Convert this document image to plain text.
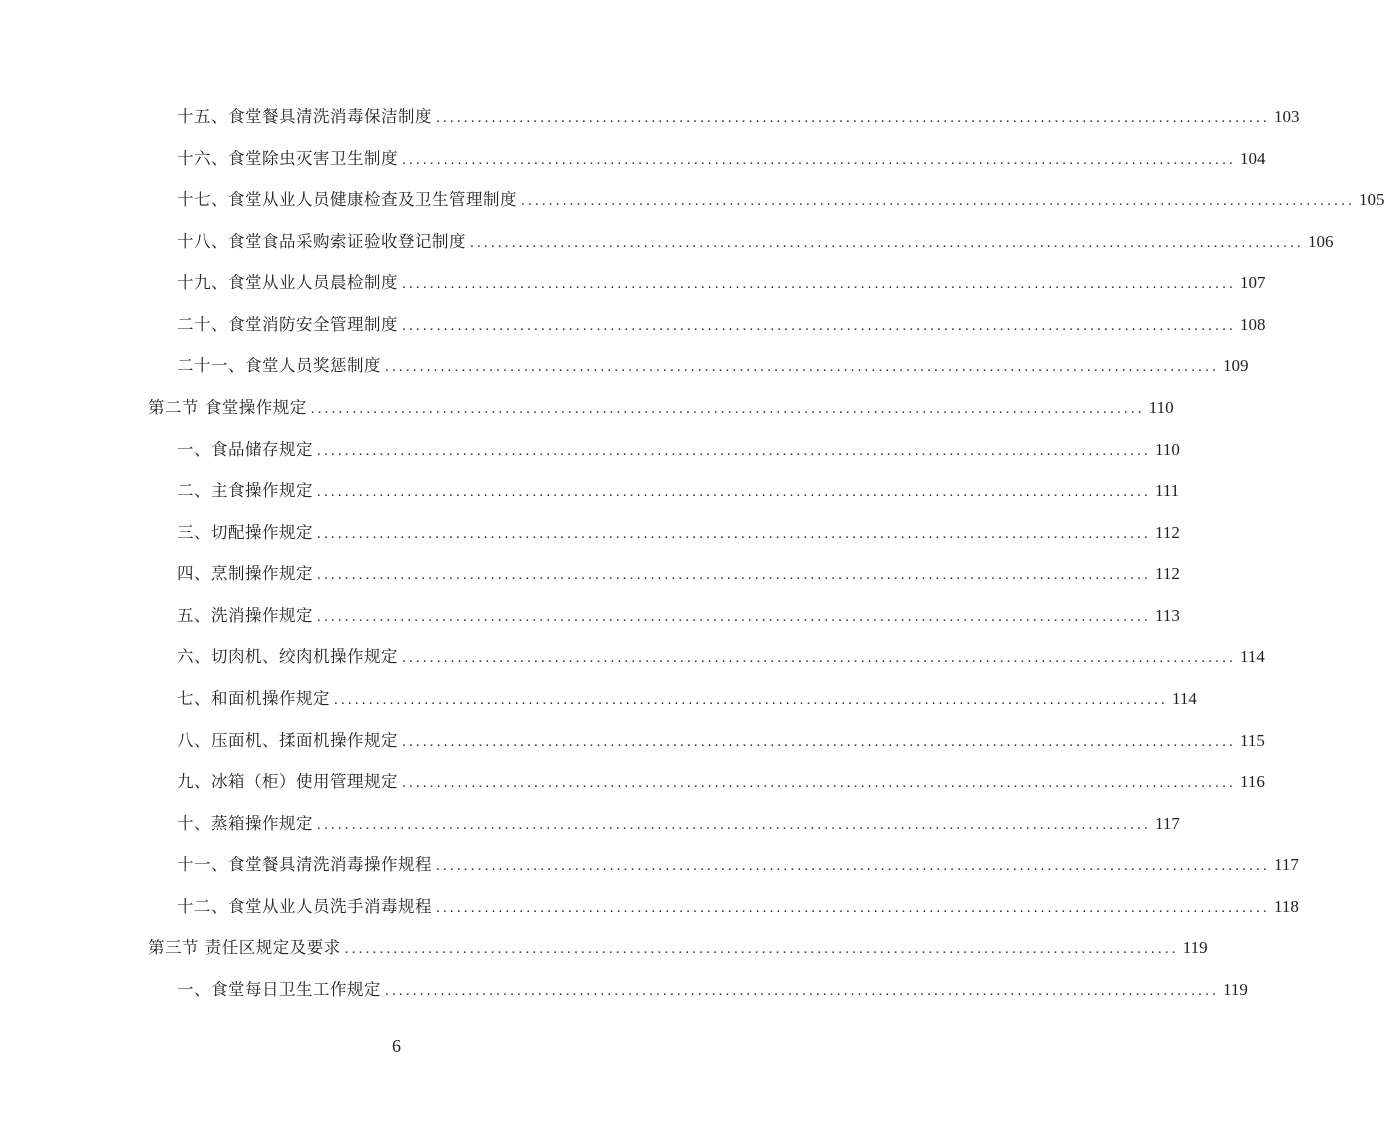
十五、食堂餐具清洗消毒保洁制度 ........................................................................................................................ 103
十六、食堂除虫灭害卫生制度 ........................................................................................................................ 104
十七、食堂从业人员健康检查及卫生管理制度 ........................................................................................................................ 105
十八、食堂食品采购索证验收登记制度 ........................................................................................................................ 106
十九、食堂从业人员晨检制度 ........................................................................................................................ 107
二十、食堂消防安全管理制度 ........................................................................................................................ 108
二十一、食堂人员奖惩制度 ........................................................................................................................ 109
第二节 食堂操作规定 ........................................................................................................................ 110
一、食品储存规定 ........................................................................................................................ 110
二、主食操作规定 ........................................................................................................................ 111
三、切配操作规定 ........................................................................................................................ 112
四、烹制操作规定 ........................................................................................................................ 112
五、洗消操作规定 ........................................................................................................................ 113
六、切肉机、绞肉机操作规定 ........................................................................................................................ 114
七、和面机操作规定 ........................................................................................................................ 114
八、压面机、揉面机操作规定 ........................................................................................................................ 115
九、冰箱（柜）使用管理规定 ........................................................................................................................ 116
十、蒸箱操作规定 ........................................................................................................................ 117
十一、食堂餐具清洗消毒操作规程 ........................................................................................................................ 117
十二、食堂从业人员洗手消毒规程 ........................................................................................................................ 118
第三节 责任区规定及要求 ........................................................................................................................ 119
一、食堂每日卫生工作规定 ........................................................................................................................ 119
6
